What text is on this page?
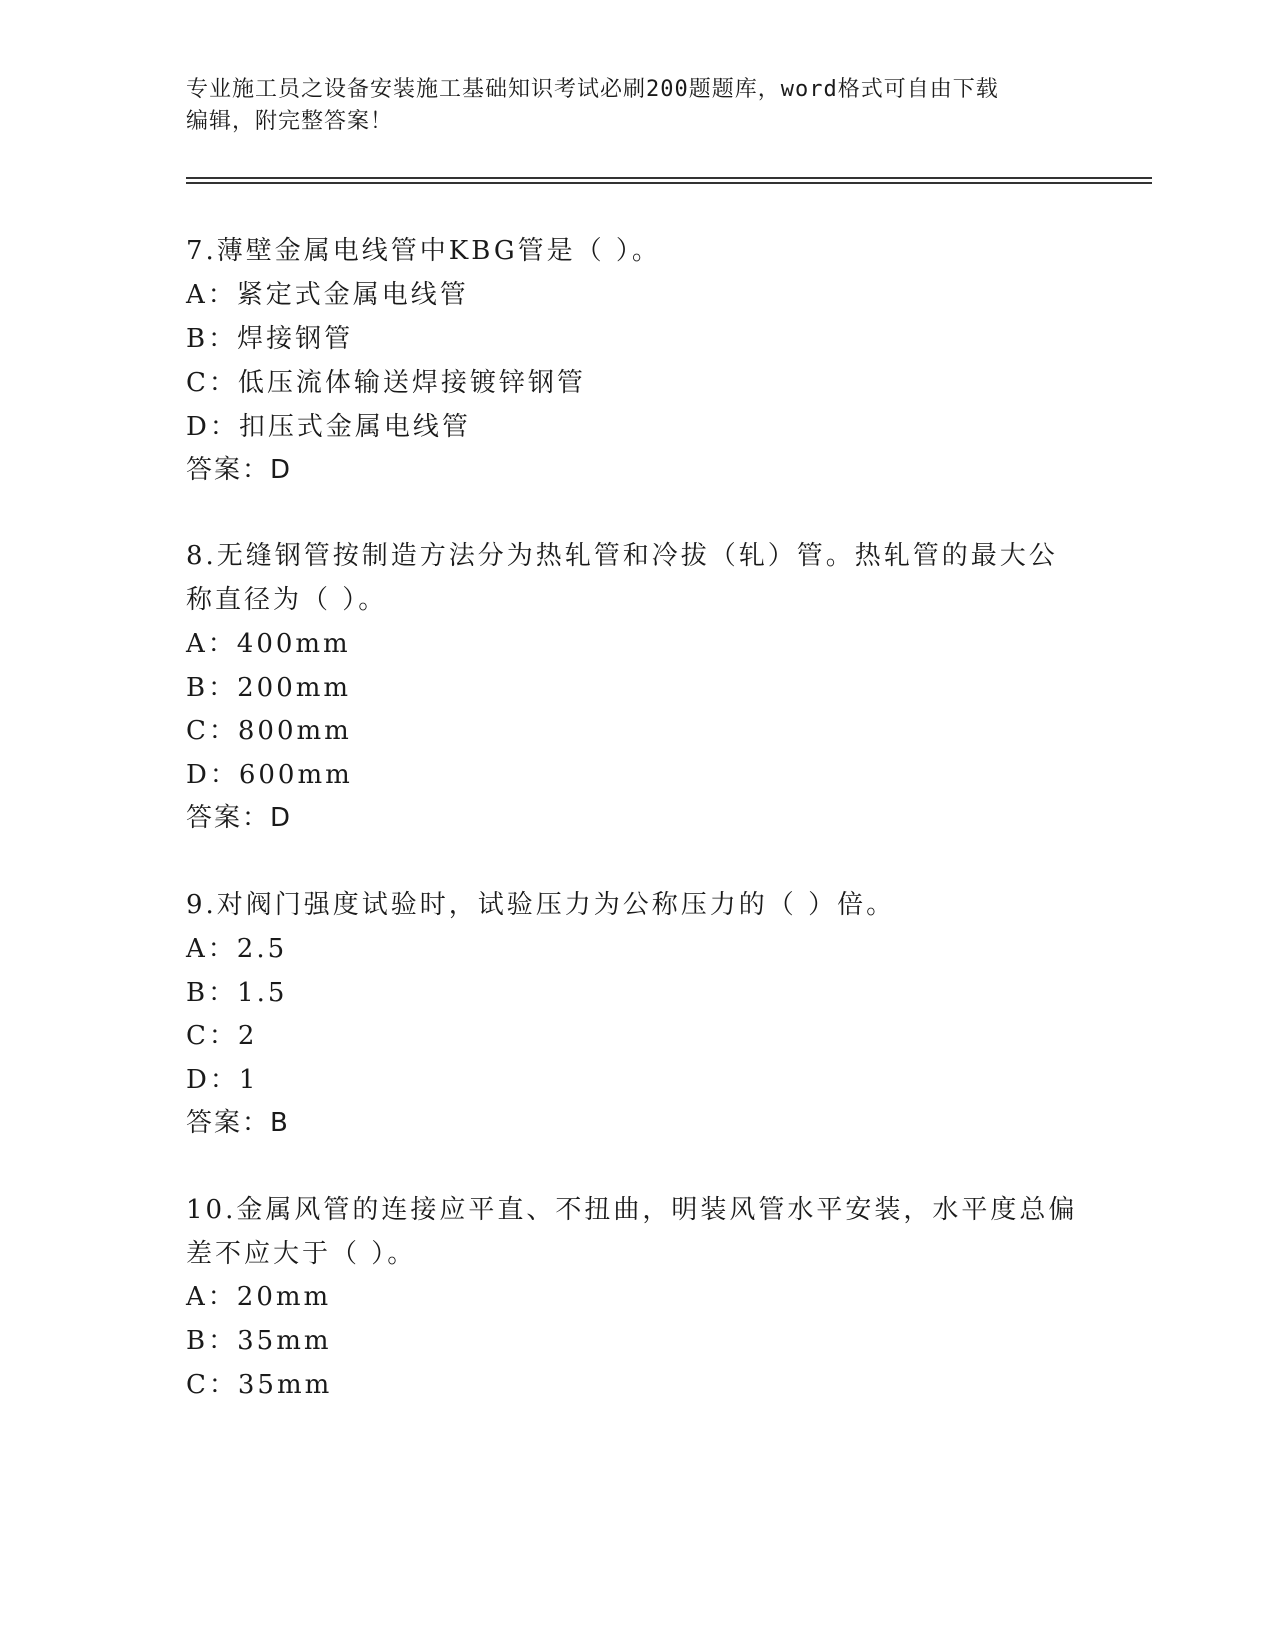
专业施工员之设备安装施工基础知识考试必刷200题题库，word格式可自由下载
编辑，附完整答案！
7.薄壁金属电线管中KBG管是（ ）。
A：紧定式金属电线管
B：焊接钢管
C：低压流体输送焊接镀锌钢管
D：扣压式金属电线管
答案：D
8.无缝钢管按制造方法分为热轧管和冷拔（轧）管。热轧管的最大公
称直径为（ ）。
A：400mm
B：200mm
C：800mm
D：600mm
答案：D
9.对阀门强度试验时，试验压力为公称压力的（ ）倍。
A：2.5
B：1.5
C：2
D：1
答案：B
10.金属风管的连接应平直、不扭曲，明装风管水平安装，水平度总偏
差不应大于（ ）。
A：20mm
B：35mm
C：35mm
